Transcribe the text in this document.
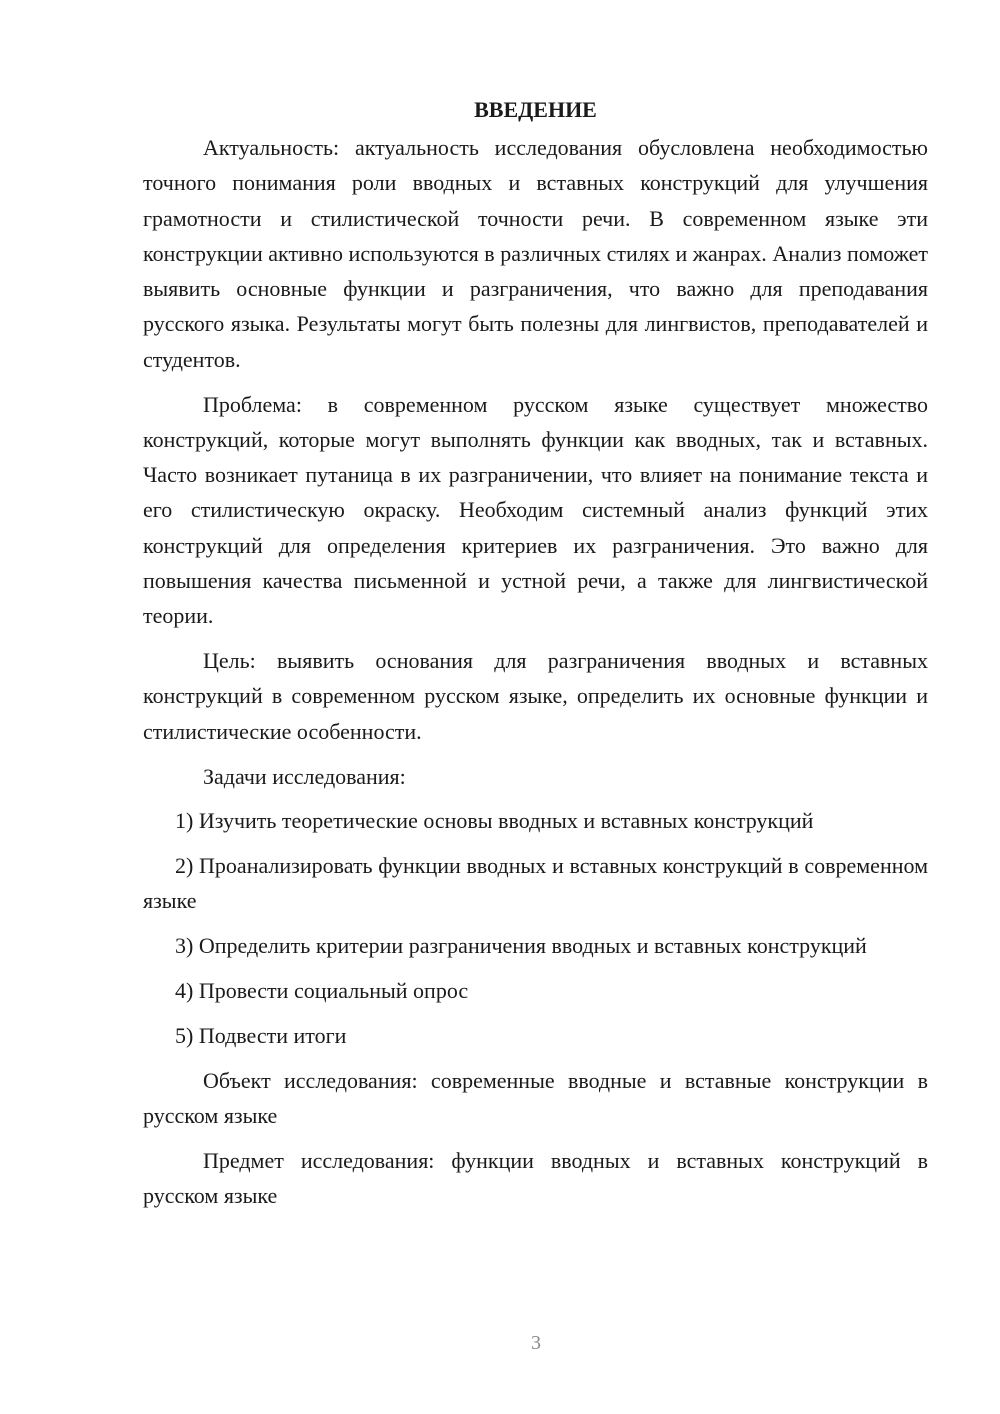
ВВЕДЕНИЕ

Актуальность: актуальность исследования обусловлена необходимостью точного понимания роли вводных и вставных конструкций для улучшения грамотности и стилистической точности речи. В современном языке эти конструкции активно используются в различных стилях и жанрах. Анализ поможет выявить основные функции и разграничения, что важно для преподавания русского языка. Результаты могут быть полезны для лингвистов, преподавателей и студентов.

Проблема: в современном русском языке существует множество конструкций, которые могут выполнять функции как вводных, так и вставных. Часто возникает путаница в их разграничении, что влияет на понимание текста и его стилистическую окраску. Необходим системный анализ функций этих конструкций для определения критериев их разграничения. Это важно для повышения качества письменной и устной речи, а также для лингвистической теории.

Цель: выявить основания для разграничения вводных и вставных конструкций в современном русском языке, определить их основные функции и стилистические особенности.

Задачи исследования:

1) Изучить теоретические основы вводных и вставных конструкций

2) Проанализировать функции вводных и вставных конструкций в современном языке

3) Определить критерии разграничения вводных и вставных конструкций

4) Провести социальный опрос

5) Подвести итоги

Объект исследования: современные вводные и вставные конструкции в русском языке

Предмет исследования: функции вводных и вставных конструкций в русском языке

3
